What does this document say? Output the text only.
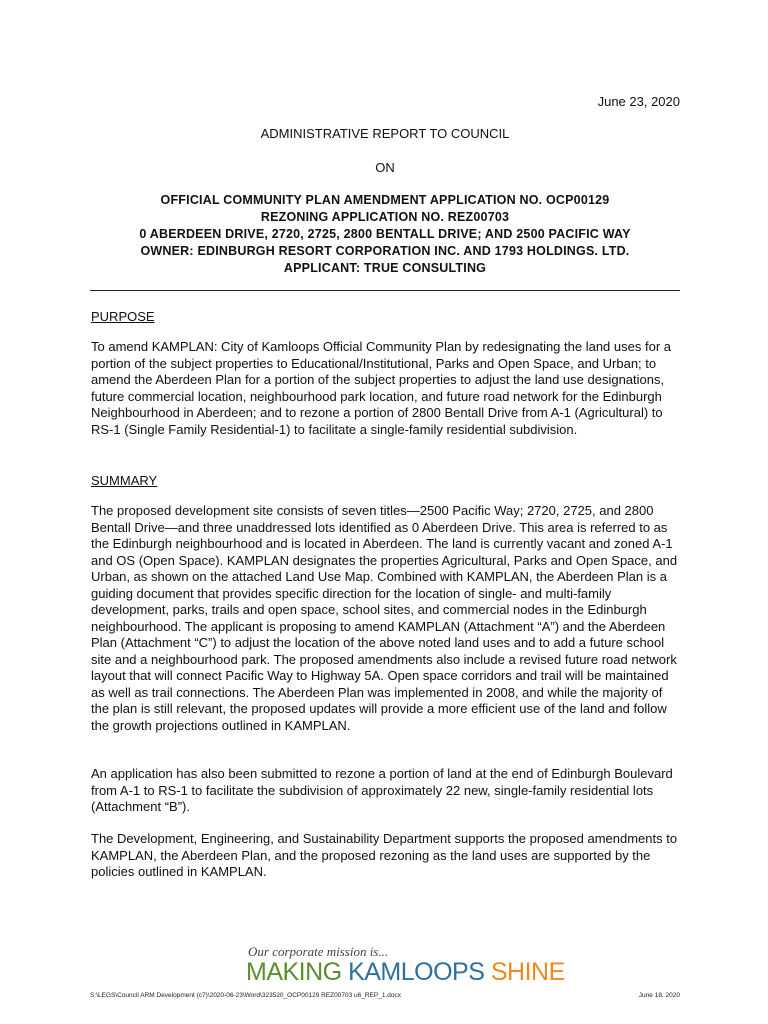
June 23, 2020
ADMINISTRATIVE REPORT TO COUNCIL
ON
OFFICIAL COMMUNITY PLAN AMENDMENT APPLICATION NO. OCP00129
REZONING APPLICATION NO. REZ00703
0 ABERDEEN DRIVE, 2720, 2725, 2800 BENTALL DRIVE; AND 2500 PACIFIC WAY
OWNER: EDINBURGH RESORT CORPORATION INC. AND 1793 HOLDINGS. LTD.
APPLICANT: TRUE CONSULTING
PURPOSE

To amend KAMPLAN: City of Kamloops Official Community Plan by redesignating the land uses for a portion of the subject properties to Educational/Institutional, Parks and Open Space, and Urban; to amend the Aberdeen Plan for a portion of the subject properties to adjust the land use designations, future commercial location, neighbourhood park location, and future road network for the Edinburgh Neighbourhood in Aberdeen; and to rezone a portion of 2800 Bentall Drive from A-1 (Agricultural) to RS-1 (Single Family Residential-1) to facilitate a single-family residential subdivision.

SUMMARY

The proposed development site consists of seven titles—2500 Pacific Way; 2720, 2725, and 2800 Bentall Drive—and three unaddressed lots identified as 0 Aberdeen Drive. This area is referred to as the Edinburgh neighbourhood and is located in Aberdeen. The land is currently vacant and zoned A-1 and OS (Open Space). KAMPLAN designates the properties Agricultural, Parks and Open Space, and Urban, as shown on the attached Land Use Map. Combined with KAMPLAN, the Aberdeen Plan is a guiding document that provides specific direction for the location of single- and multi-family development, parks, trails and open space, school sites, and commercial nodes in the Edinburgh neighbourhood. The applicant is proposing to amend KAMPLAN (Attachment “A”) and the Aberdeen Plan (Attachment “C”) to adjust the location of the above noted land uses and to add a future school site and a neighbourhood park. The proposed amendments also include a revised future road network layout that will connect Pacific Way to Highway 5A. Open space corridors and trail will be maintained as well as trail connections. The Aberdeen Plan was implemented in 2008, and while the majority of the plan is still relevant, the proposed updates will provide a more efficient use of the land and follow the growth projections outlined in KAMPLAN.

An application has also been submitted to rezone a portion of land at the end of Edinburgh Boulevard from A-1 to RS-1 to facilitate the subdivision of approximately 22 new, single-family residential lots (Attachment “B”).

The Development, Engineering, and Sustainability Department supports the proposed amendments to KAMPLAN, the Aberdeen Plan, and the proposed rezoning as the land uses are supported by the policies outlined in KAMPLAN.

Our corporate mission is...
MAKING KAMLOOPS SHINE
S:\LEGS\Council ARM Development (c7)\2020-06-23\Word\323520_OCP00129 REZ00703 u6_REP_1.docx	June 18, 2020
